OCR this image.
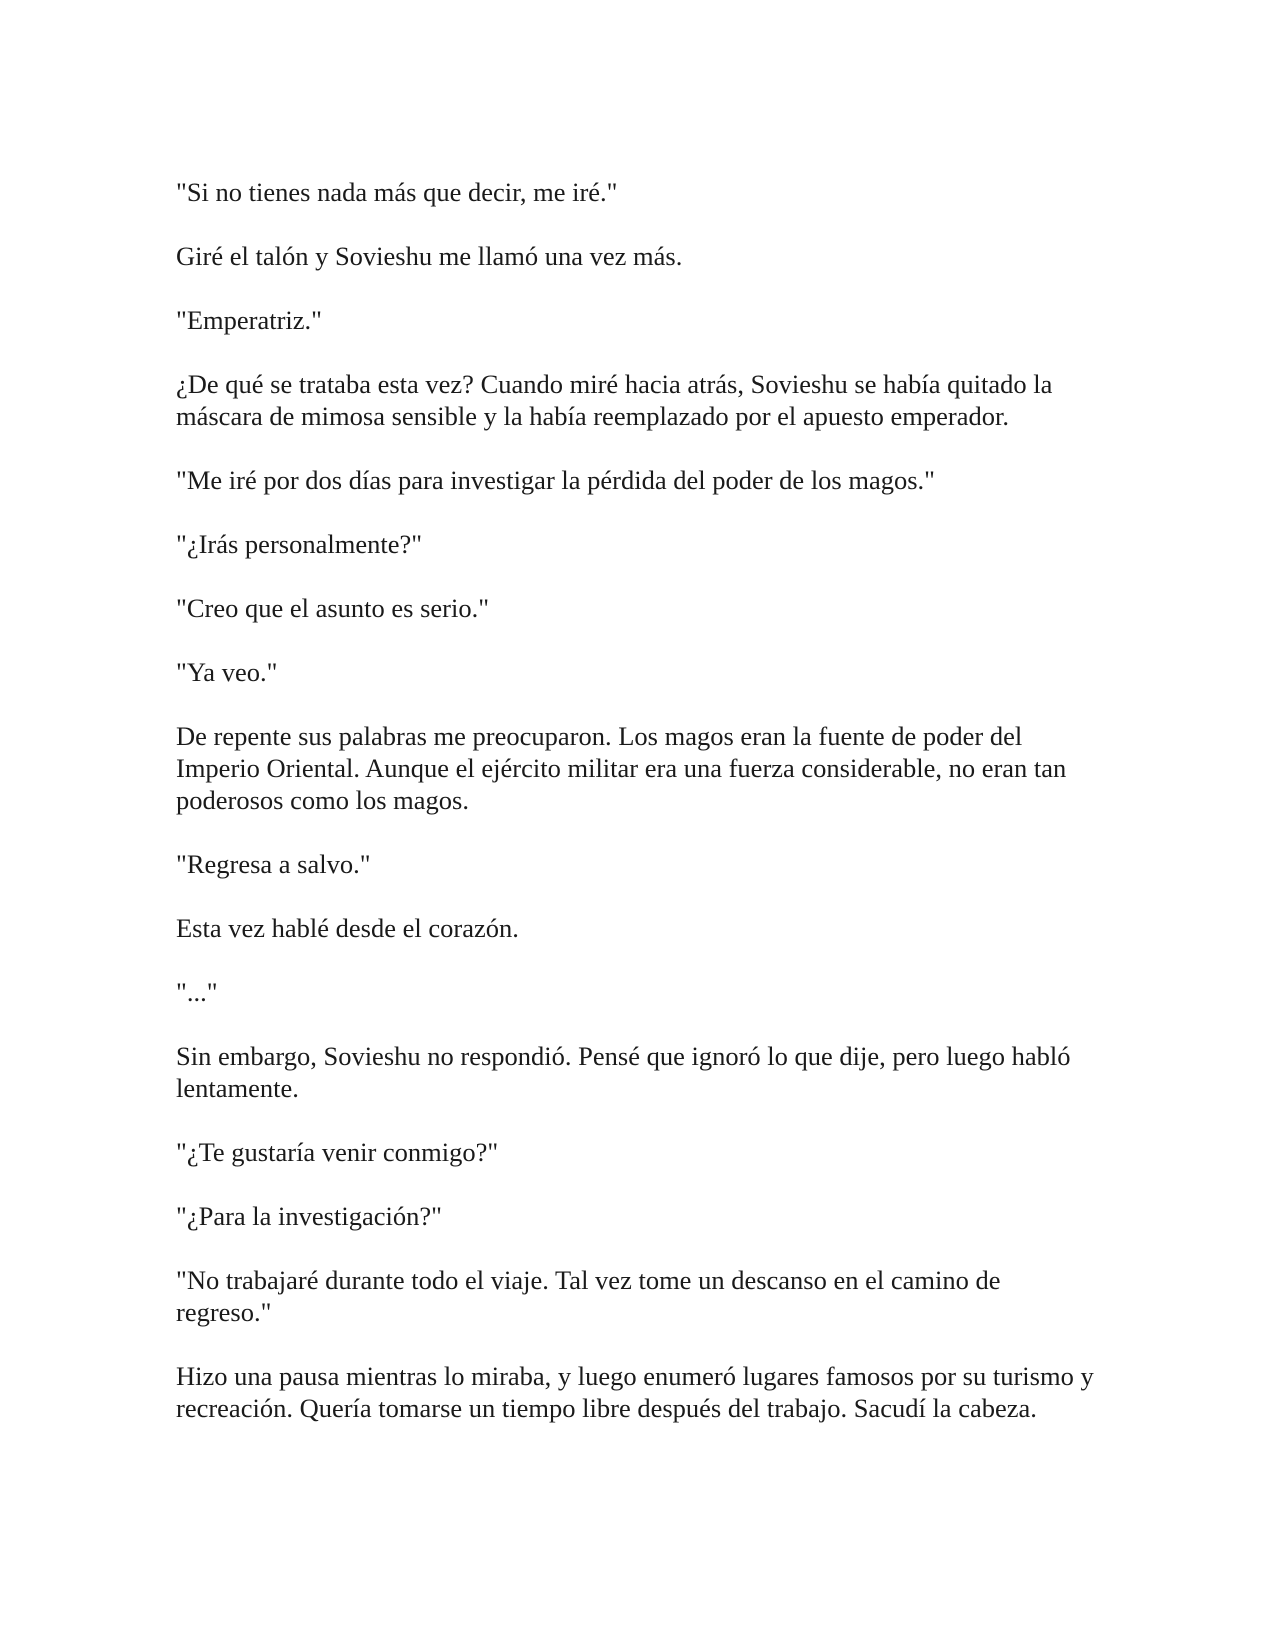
"Si no tienes nada más que decir, me iré."

Giré el talón y Sovieshu me llamó una vez más.

"Emperatriz."

¿De qué se trataba esta vez? Cuando miré hacia atrás, Sovieshu se había quitado la máscara de mimosa sensible y la había reemplazado por el apuesto emperador.

"Me iré por dos días para investigar la pérdida del poder de los magos."

"¿Irás personalmente?"

"Creo que el asunto es serio."

"Ya veo."

De repente sus palabras me preocuparon. Los magos eran la fuente de poder del Imperio Oriental. Aunque el ejército militar era una fuerza considerable, no eran tan poderosos como los magos.

"Regresa a salvo."

Esta vez hablé desde el corazón.

"..."

Sin embargo, Sovieshu no respondió. Pensé que ignoró lo que dije, pero luego habló lentamente.

"¿Te gustaría venir conmigo?"

"¿Para la investigación?"

"No trabajaré durante todo el viaje. Tal vez tome un descanso en el camino de regreso."

Hizo una pausa mientras lo miraba, y luego enumeró lugares famosos por su turismo y recreación. Quería tomarse un tiempo libre después del trabajo. Sacudí la cabeza.
